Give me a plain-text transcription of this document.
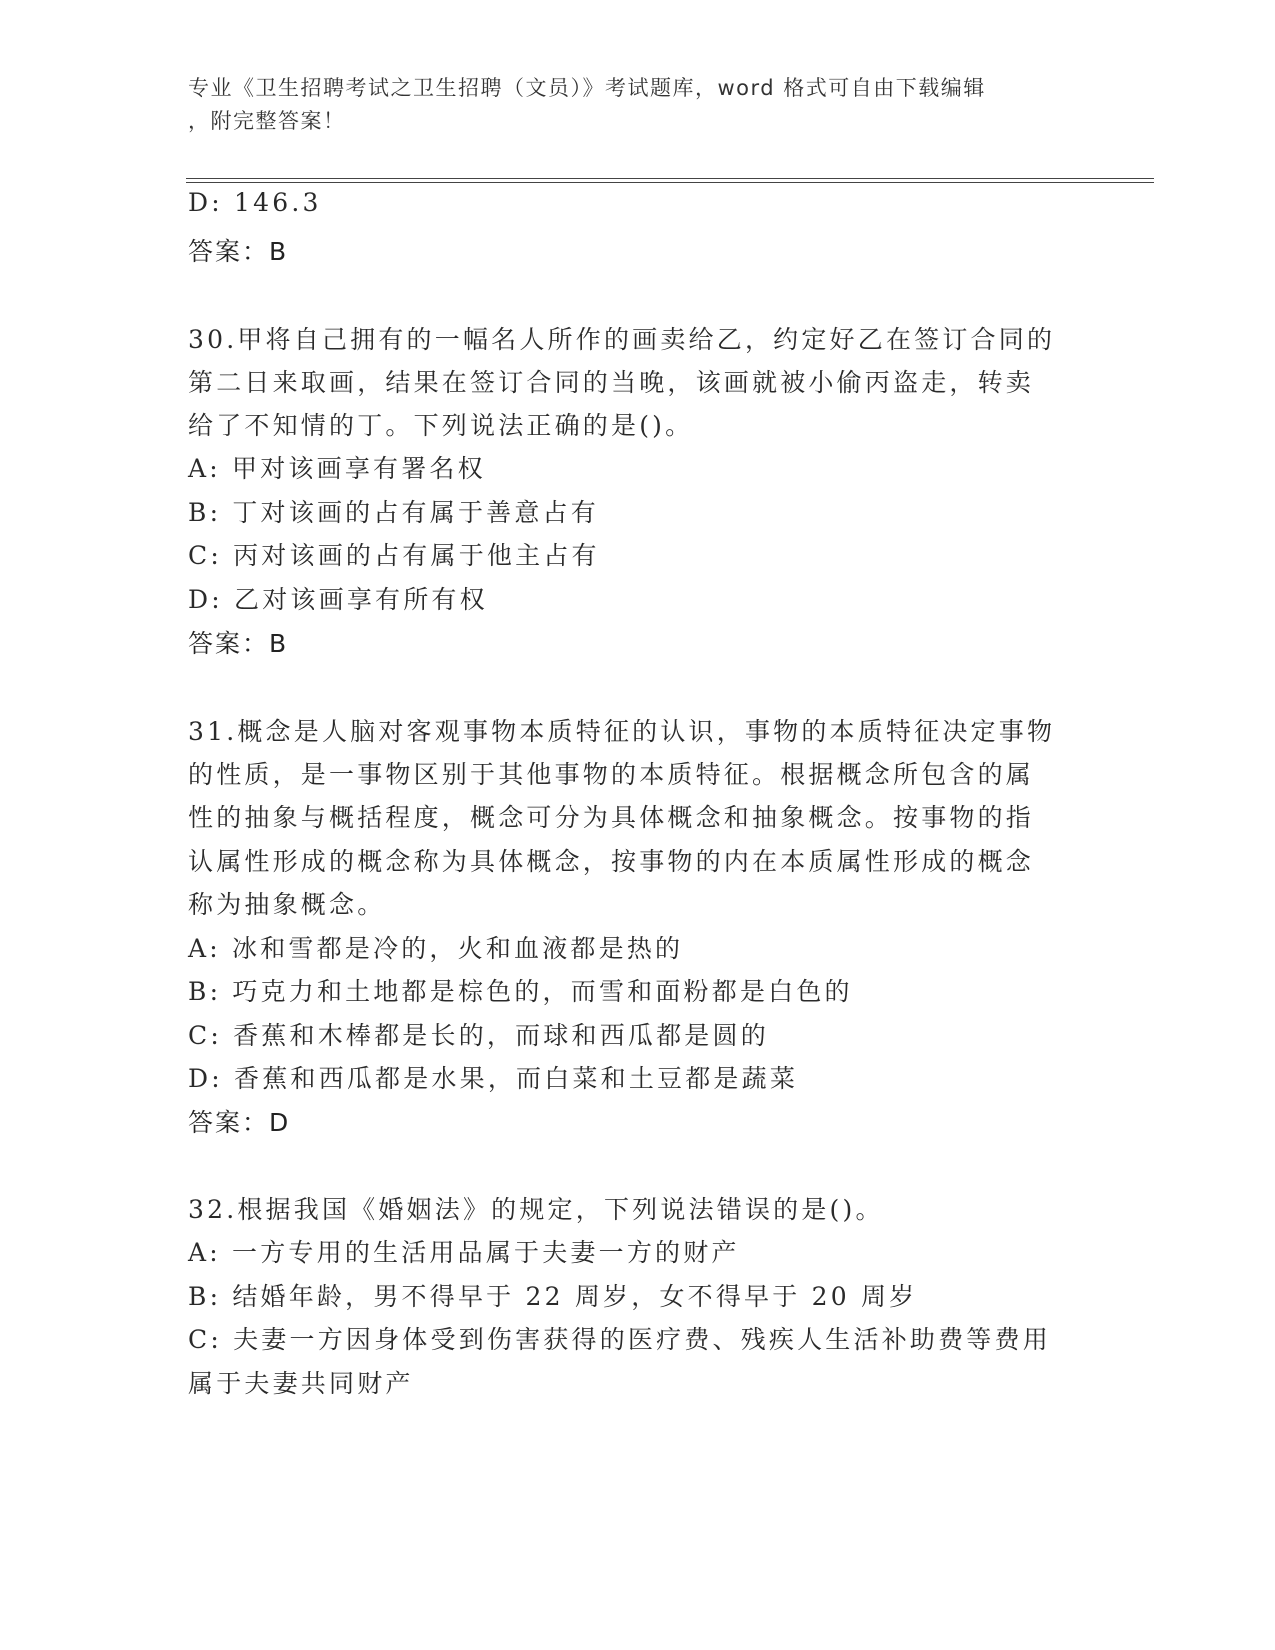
专业《卫生招聘考试之卫生招聘（文员）》考试题库，word 格式可自由下载编辑
，附完整答案！
D: 146.3
答案：B
30.甲将自己拥有的一幅名人所作的画卖给乙，约定好乙在签订合同的
第二日来取画，结果在签订合同的当晚，该画就被小偷丙盗走，转卖
给了不知情的丁。下列说法正确的是()。
A: 甲对该画享有署名权
B: 丁对该画的占有属于善意占有
C: 丙对该画的占有属于他主占有
D: 乙对该画享有所有权
答案：B
31.概念是人脑对客观事物本质特征的认识，事物的本质特征决定事物
的性质，是一事物区别于其他事物的本质特征。根据概念所包含的属
性的抽象与概括程度，概念可分为具体概念和抽象概念。按事物的指
认属性形成的概念称为具体概念，按事物的内在本质属性形成的概念
称为抽象概念。
A: 冰和雪都是冷的，火和血液都是热的
B: 巧克力和土地都是棕色的，而雪和面粉都是白色的
C: 香蕉和木棒都是长的，而球和西瓜都是圆的
D: 香蕉和西瓜都是水果，而白菜和土豆都是蔬菜
答案：D
32.根据我国《婚姻法》的规定，下列说法错误的是()。
A: 一方专用的生活用品属于夫妻一方的财产
B: 结婚年龄，男不得早于 22 周岁，女不得早于 20 周岁
C: 夫妻一方因身体受到伤害获得的医疗费、残疾人生活补助费等费用
属于夫妻共同财产
